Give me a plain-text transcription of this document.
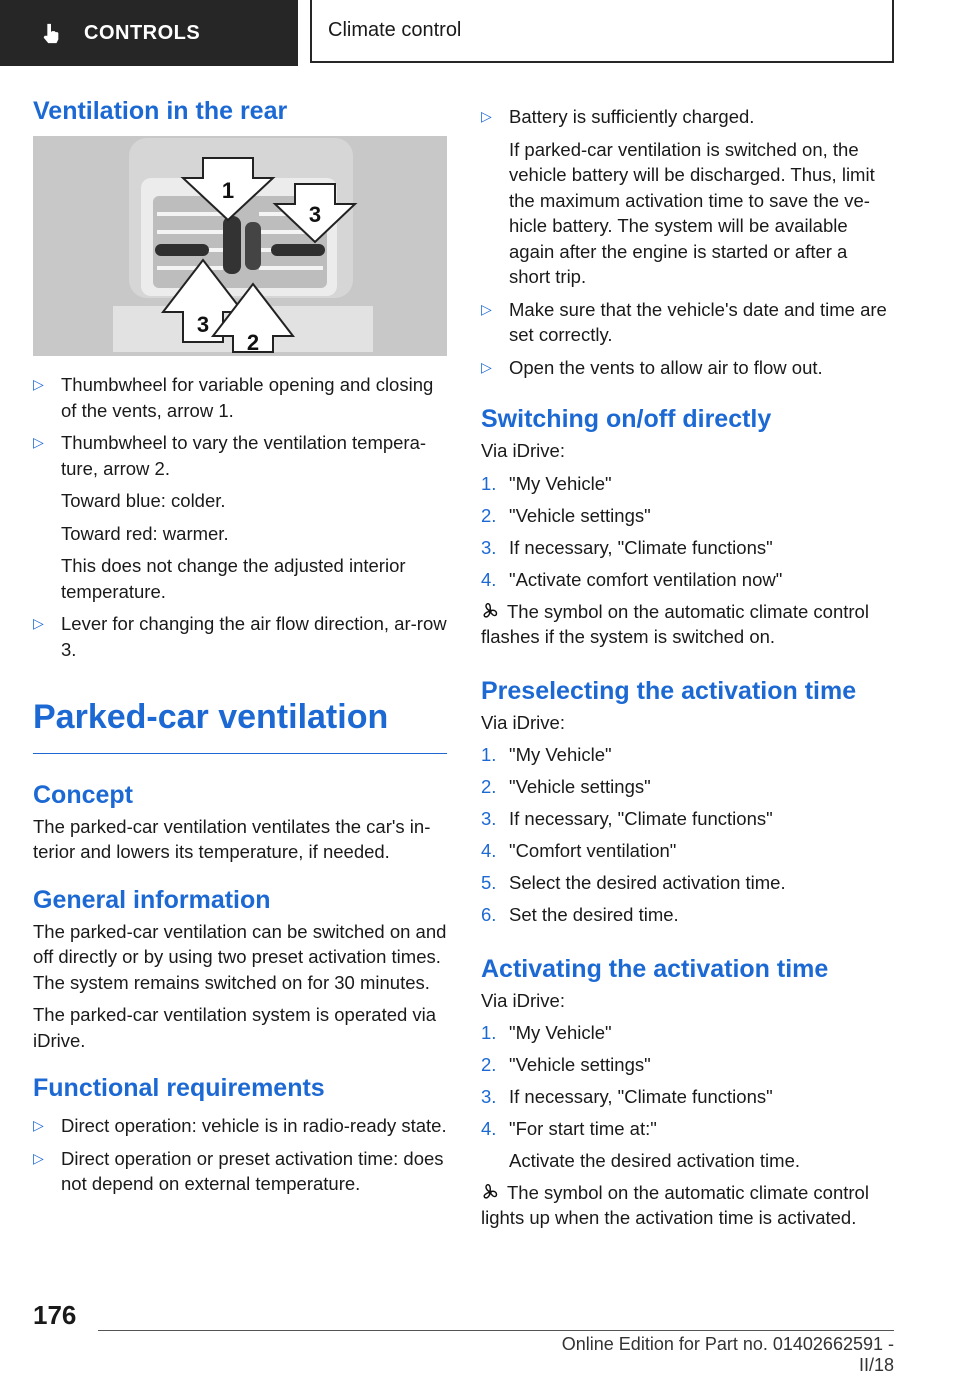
CONTROLS	Climate control
Ventilation in the rear
1
3
3
2
▷ Thumbwheel for variable opening and closing of the vents, arrow 1.
▷ Thumbwheel to vary the ventilation tempera-ture, arrow 2.
Toward blue: colder.
Toward red: warmer.
This does not change the adjusted interior temperature.
▷ Lever for changing the air flow direction, ar-row 3.
Parked-car ventilation
Concept

The parked-car ventilation ventilates the car's in-terior and lowers its temperature, if needed.

General information

The parked-car ventilation can be switched on and off directly or by using two preset activation times. The system remains switched on for 30 minutes.

The parked-car ventilation system is operated via iDrive.

Functional requirements
▷ Direct operation: vehicle is in radio-ready state.
▷ Direct operation or preset activation time: does not depend on external temperature.
▷ Battery is sufficiently charged.
If parked-car ventilation is switched on, the vehicle battery will be discharged. Thus, limit the maximum activation time to save the ve-hicle battery. The system will be available again after the engine is started or after a short trip.
▷ Make sure that the vehicle's date and time are set correctly.
▷ Open the vents to allow air to flow out.
Switching on/off directly

Via iDrive:

1. "My Vehicle"
2. "Vehicle settings"
3. If necessary, "Climate functions"
4. "Activate comfort ventilation now"

The symbol on the automatic climate control flashes if the system is switched on.

Preselecting the activation time

Via iDrive:

1. "My Vehicle"
2. "Vehicle settings"
3. If necessary, "Climate functions"
4. "Comfort ventilation"
5. Select the desired activation time.
6. Set the desired time.
Activating the activation time

Via iDrive:

1. "My Vehicle"
2. "Vehicle settings"
3. If necessary, "Climate functions"
4. "For start time at:"
Activate the desired activation time.

The symbol on the automatic climate control lights up when the activation time is activated.

176
Online Edition for Part no. 01402662591 - II/18
